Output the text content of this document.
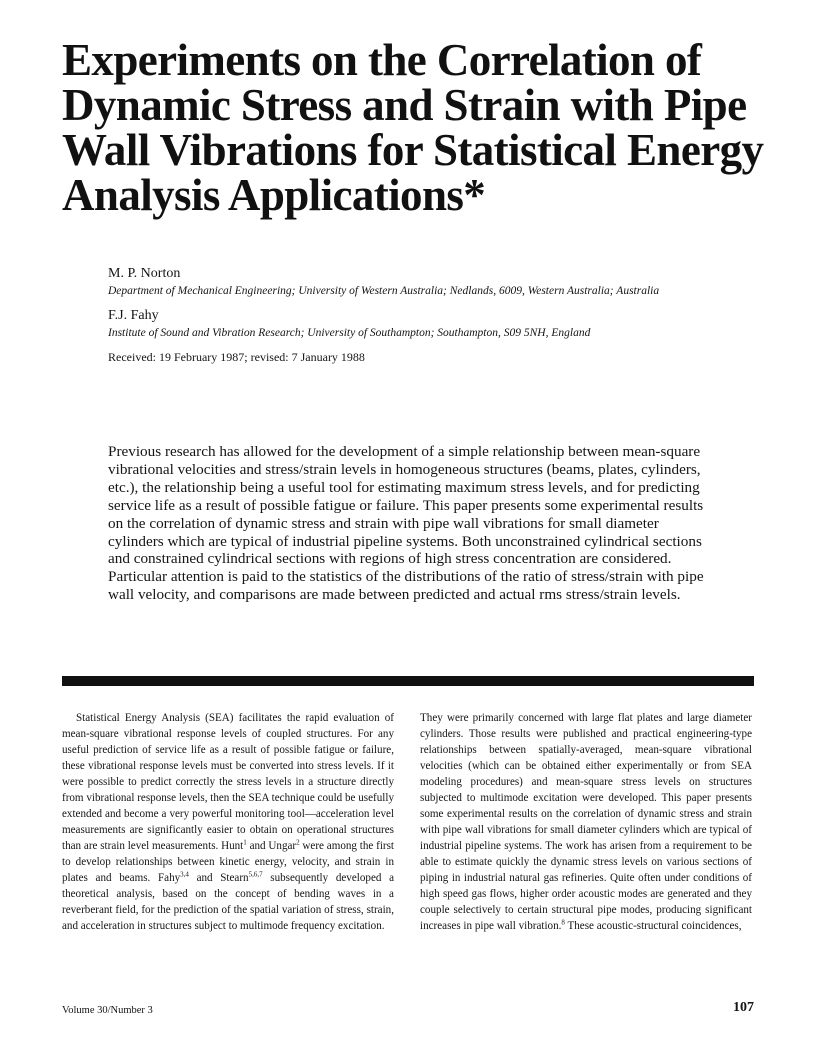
Experiments on the Correlation of
Dynamic Stress and Strain with Pipe
Wall Vibrations for Statistical Energy
Analysis Applications*

M. P. Norton

Department of Mechanical Engineering; University of Western Australia; Nedlands, 6009, Western Australia; Australia

F.J. Fahy

Institute of Sound and Vibration Research; University of Southampton; Southampton, S09 5NH, England

Received: 19 February 1987; revised: 7 January 1988

Previous research has allowed for the development of a simple relationship between mean-square vibrational velocities and stress/strain levels in homogeneous structures (beams, plates, cylinders, etc.), the relationship being a useful tool for estimating maximum stress levels, and for predicting service life as a result of possible fatigue or failure. This paper presents some experimental results on the correlation of dynamic stress and strain with pipe wall vibrations for small diameter cylinders which are typical of industrial pipeline systems. Both unconstrained cylindrical sections and constrained cylindrical sections with regions of high stress concentration are considered. Particular attention is paid to the statistics of the distributions of the ratio of stress/strain with pipe wall velocity, and comparisons are made between predicted and actual rms stress/strain levels.

Statistical Energy Analysis (SEA) facilitates the rapid evaluation of mean-square vibrational response levels of coupled structures. For any useful prediction of service life as a result of possible fatigue or failure, these vibrational response levels must be converted into stress levels. If it were possible to predict correctly the stress levels in a structure directly from vibrational response levels, then the SEA technique could be usefully extended and become a very powerful monitoring tool—acceleration level measurements are significantly easier to obtain on operational structures than are strain level measurements. Hunt$^1$ and Ungar$^2$ were among the first to develop relationships between kinetic energy, velocity, and strain in plates and beams. Fahy$^{3,4}$ and Stearn$^{5,6,7}$ subsequently developed a theoretical analysis, based on the concept of bending waves in a reverberant field, for the prediction of the spatial variation of stress, strain, and acceleration in structures subject to multimode frequency excitation.

They were primarily concerned with large flat plates and large diameter cylinders. Those results were published and practical engineering-type relationships between spatially-averaged, mean-square vibrational velocities (which can be obtained either experimentally or from SEA modeling procedures) and mean-square stress levels on structures subjected to multimode excitation were developed. This paper presents some experimental results on the correlation of dynamic stress and strain with pipe wall vibrations for small diameter cylinders which are typical of industrial pipeline systems. The work has arisen from a requirement to be able to estimate quickly the dynamic stress levels on various sections of piping in industrial natural gas refineries. Quite often under conditions of high speed gas flows, higher order acoustic modes are generated and they couple selectively to certain structural pipe modes, producing significant increases in pipe wall vibration.$^8$ These acoustic-structural coincidences,

Volume 30/Number 3	107
